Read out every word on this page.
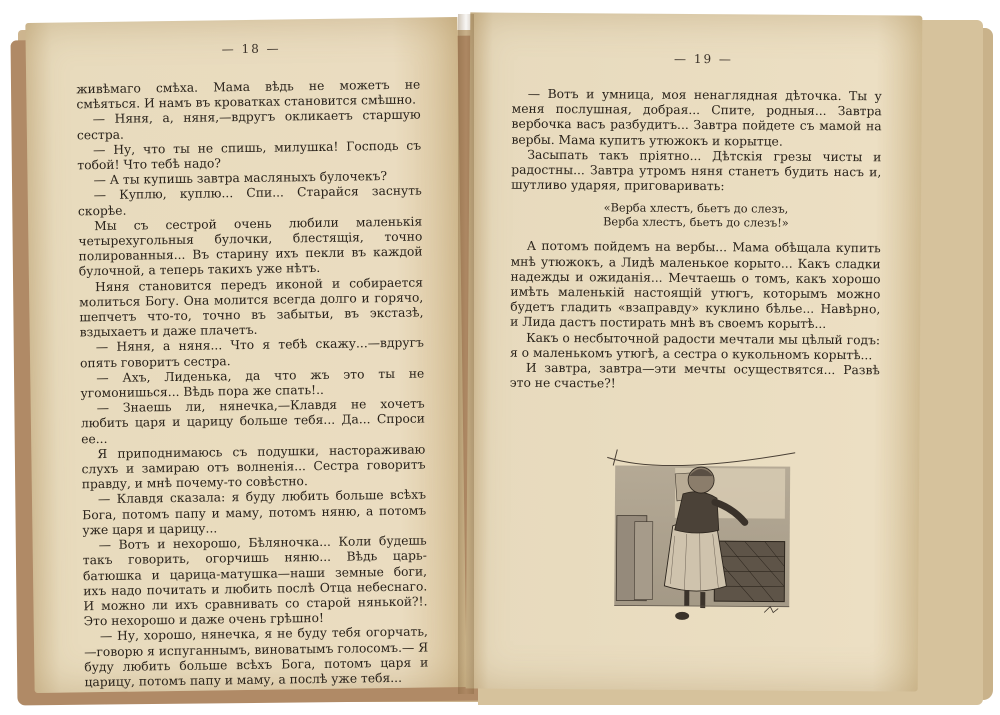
— 18 —

живѣмаго смѣха. Мама вѣдь не можетъ не смѣяться. И намъ въ кроватках становится смѣшно.

— Няня, а, няня,—вдругъ окликаетъ старшую сестра.

— Ну, что ты не спишь, милушка! Господь съ тобой! Что тебѣ надо?

— А ты купишь завтра масляныхъ булочекъ?

— Куплю, куплю... Спи... Старайся заснуть скорѣе.

Мы съ сестрой очень любили маленькія четырехугольныя булочки, блестящія, точно полированныя... Въ старину ихъ пекли въ каждой булочной, а теперь такихъ уже нѣтъ.

Няня становится передъ иконой и собирается молиться Богу. Она молится всегда долго и горячо, шепчетъ что-то, точно въ забытьи, въ экстазѣ, вздыхаетъ и даже плачетъ.

— Няня, а няня... Что я тебѣ скажу...—вдругъ опять говоритъ сестра.

— Ахъ, Лиденька, да что жъ это ты не угомонишься... Вѣдь пора же спать!..

— Знаешь ли, нянечка,—Клавдя не хочетъ любить царя и царицу больше тебя... Да... Спроси ее...

Я приподнимаюсь съ подушки, настораживаю слухъ и замираю отъ волненія... Сестра говоритъ правду, и мнѣ почему-то совѣстно.

— Клавдя сказала: я буду любить больше всѣхъ Бога, потомъ папу и маму, потомъ няню, а потомъ уже царя и царицу...

— Вотъ и нехорошо, Бѣляночка... Коли будешь такъ говорить, огорчишь няню... Вѣдь царь-батюшка и царица-матушка—наши земные боги, ихъ надо почитать и любить послѣ Отца небеснаго. И можно ли ихъ сравнивать со старой нянькой?!. Это нехорошо и даже очень грѣшно!

— Ну, хорошо, нянечка, я не буду тебя огорчать,—говорю я испуганнымъ, виноватымъ голосомъ.— Я буду любить больше всѣхъ Бога, потомъ царя и царицу, потомъ папу и маму, а послѣ уже тебя...

— 19 —

— Вотъ и умница, моя ненаглядная дѣточка. Ты у меня послушная, добрая... Спите, родныя... Завтра вербочка васъ разбудитъ... Завтра пойдете съ мамой на вербы. Мама купитъ утюжокъ и корытце.

Засыпать такъ пріятно... Дѣтскія грезы чисты и радостны... Завтра утромъ няня станетъ будить насъ и, шутливо ударяя, приговаривать:

«Верба хлестъ, бьетъ до слезъ,
Верба хлестъ, бьетъ до слезъ!»

А потомъ пойдемъ на вербы... Мама обѣщала купить мнѣ утюжокъ, а Лидѣ маленькое корыто... Какъ сладки надежды и ожиданія... Мечтаешь о томъ, какъ хорошо имѣть маленькій настоящій утюгъ, которымъ можно будетъ гладить «взаправду» куклино бѣлье... Навѣрно, и Лида дастъ постирать мнѣ въ своемъ корытѣ...

Какъ о несбыточной радости мечтали мы цѣлый годъ: я о маленькомъ утюгѣ, а сестра о кукольномъ корытѣ...

И завтра, завтра—эти мечты осуществятся... Развѣ это не счастье?!
